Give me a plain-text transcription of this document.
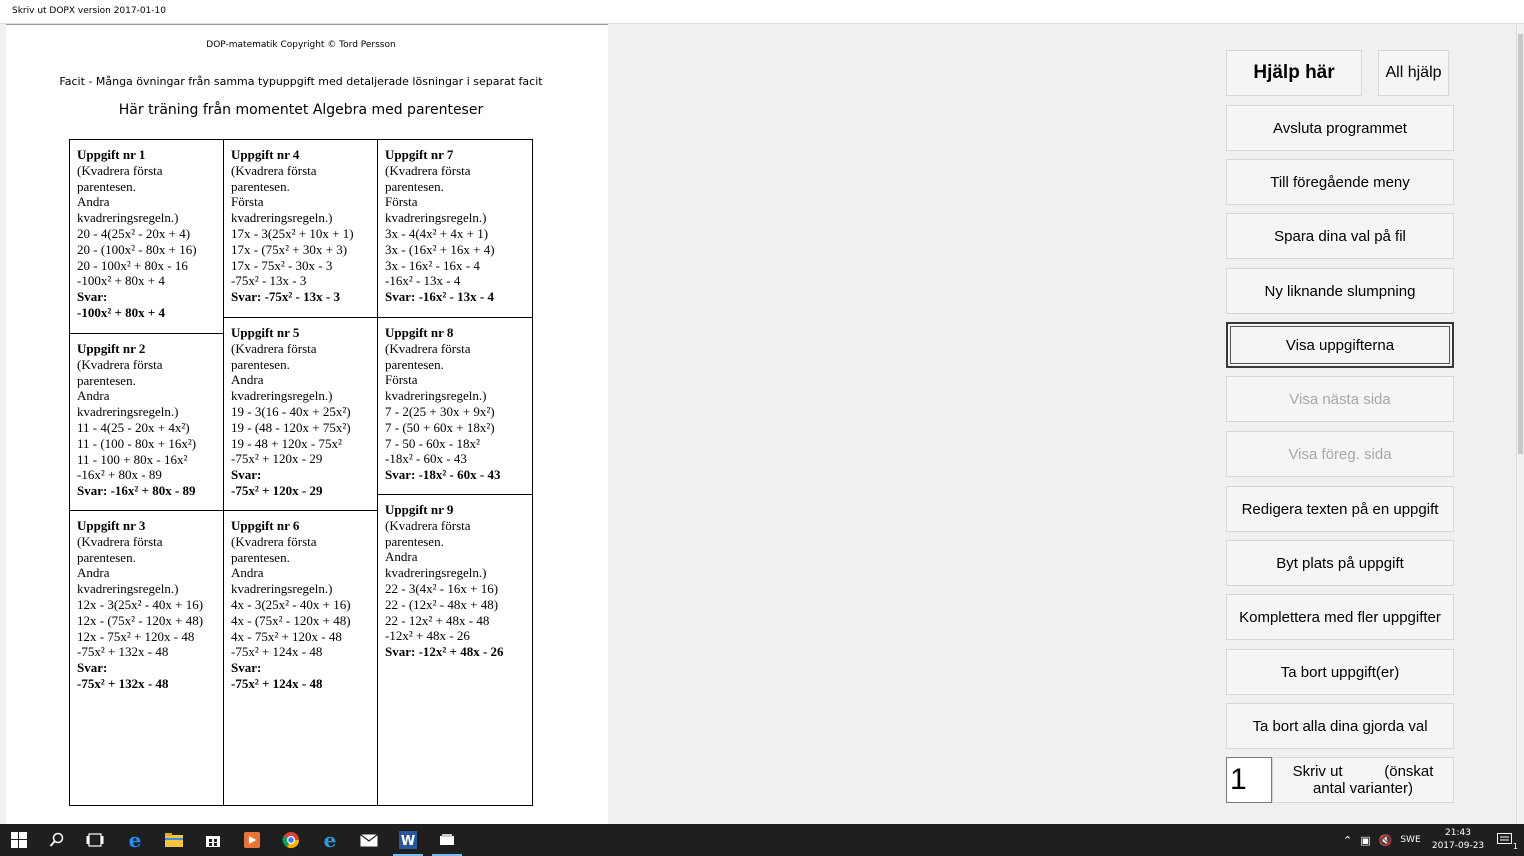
Skriv ut DOPX version 2017-01-10
DOP-matematik Copyright © Tord Persson
Facit - Många övningar från samma typuppgift med detaljerade lösningar i separat facit
Här träning från momentet Algebra med parenteser
Uppgift nr 1
(Kvadrera första
parentesen.
Andra
kvadreringsregeln.)
20 - 4(25x² - 20x + 4)
20 - (100x² - 80x + 16)
20 - 100x² + 80x - 16
-100x² + 80x + 4
Svar:
-100x² + 80x + 4
Uppgift nr 2
(Kvadrera första
parentesen.
Andra
kvadreringsregeln.)
11 - 4(25 - 20x + 4x²)
11 - (100 - 80x + 16x²)
11 - 100 + 80x - 16x²
-16x² + 80x - 89
Svar: -16x² + 80x - 89
Uppgift nr 3
(Kvadrera första
parentesen.
Andra
kvadreringsregeln.)
12x - 3(25x² - 40x + 16)
12x - (75x² - 120x + 48)
12x - 75x² + 120x - 48
-75x² + 132x - 48
Svar:
-75x² + 132x - 48
Uppgift nr 4
(Kvadrera första
parentesen.
Första
kvadreringsregeln.)
17x - 3(25x² + 10x + 1)
17x - (75x² + 30x + 3)
17x - 75x² - 30x - 3
-75x² - 13x - 3
Svar: -75x² - 13x - 3
Uppgift nr 5
(Kvadrera första
parentesen.
Andra
kvadreringsregeln.)
19 - 3(16 - 40x + 25x²)
19 - (48 - 120x + 75x²)
19 - 48 + 120x - 75x²
-75x² + 120x - 29
Svar:
-75x² + 120x - 29
Uppgift nr 6
(Kvadrera första
parentesen.
Andra
kvadreringsregeln.)
4x - 3(25x² - 40x + 16)
4x - (75x² - 120x + 48)
4x - 75x² + 120x - 48
-75x² + 124x - 48
Svar:
-75x² + 124x - 48
Uppgift nr 7
(Kvadrera första
parentesen.
Första
kvadreringsregeln.)
3x - 4(4x² + 4x + 1)
3x - (16x² + 16x + 4)
3x - 16x² - 16x - 4
-16x² - 13x - 4
Svar: -16x² - 13x - 4
Uppgift nr 8
(Kvadrera första
parentesen.
Första
kvadreringsregeln.)
7 - 2(25 + 30x + 9x²)
7 - (50 + 60x + 18x²)
7 - 50 - 60x - 18x²
-18x² - 60x - 43
Svar: -18x² - 60x - 43
Uppgift nr 9
(Kvadrera första
parentesen.
Andra
kvadreringsregeln.)
22 - 3(4x² - 16x + 16)
22 - (12x² - 48x + 48)
22 - 12x² + 48x - 48
-12x² + 48x - 26
Svar: -12x² + 48x - 26
Hjälp här	All hjälp
Avsluta programmet
Till föregående meny
Spara dina val på fil
Ny liknande slumpning
Visa uppgifterna
Visa nästa sida
Visa föreg. sida
Redigera texten på en uppgift
Byt plats på uppgift
Komplettera med fler uppgifter
Ta bort uppgift(er)
Ta bort alla dina gjorda val
1	Skriv ut          (önskat
antal varianter)
e	e	W	⌃ ▣ 🔇 SWE
21:43
2017-09-23	1
